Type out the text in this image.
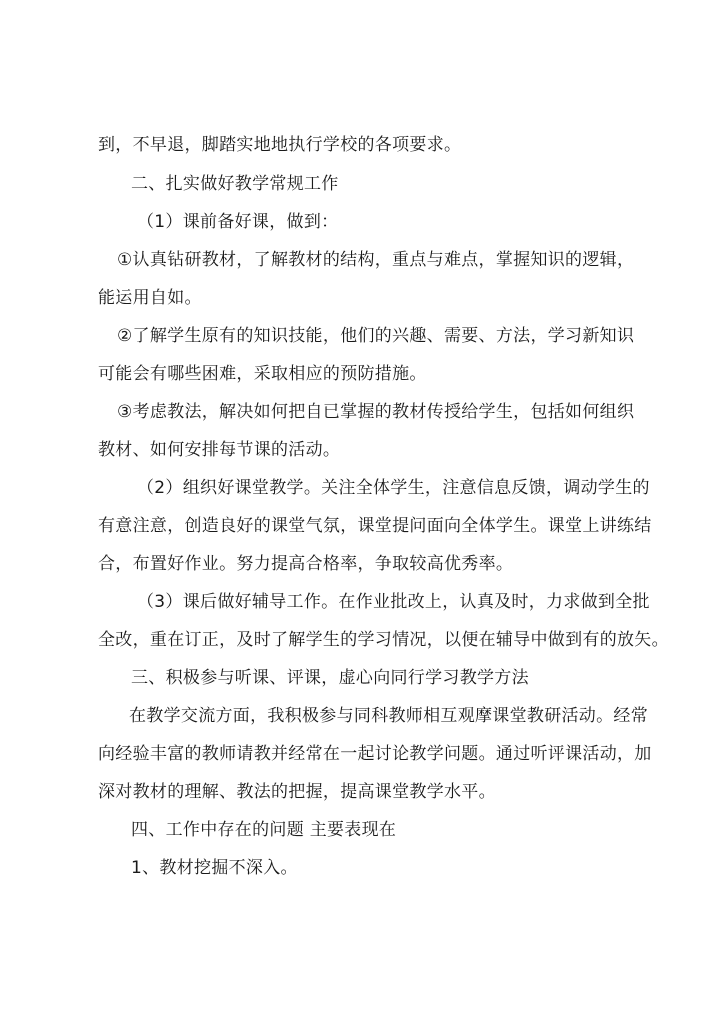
到，不早退，脚踏实地地执行学校的各项要求。
二、扎实做好教学常规工作
（1）课前备好课，做到：
①认真钻研教材，了解教材的结构，重点与难点，掌握知识的逻辑，
能运用自如。
②了解学生原有的知识技能，他们的兴趣、需要、方法，学习新知识
可能会有哪些困难，采取相应的预防措施。
③考虑教法，解决如何把自已掌握的教材传授给学生，包括如何组织
教材、如何安排每节课的活动。
（2）组织好课堂教学。关注全体学生，注意信息反馈，调动学生的
有意注意，创造良好的课堂气氛，课堂提问面向全体学生。课堂上讲练结
合，布置好作业。努力提高合格率，争取较高优秀率。
（3）课后做好辅导工作。在作业批改上，认真及时，力求做到全批
全改，重在订正，及时了解学生的学习情况，以便在辅导中做到有的放矢。
三、积极参与听课、评课，虚心向同行学习教学方法
在教学交流方面，我积极参与同科教师相互观摩课堂教研活动。经常
向经验丰富的教师请教并经常在一起讨论教学问题。通过听评课活动，加
深对教材的理解、教法的把握，提高课堂教学水平。
四、工作中存在的问题 主要表现在
1、教材挖掘不深入。
